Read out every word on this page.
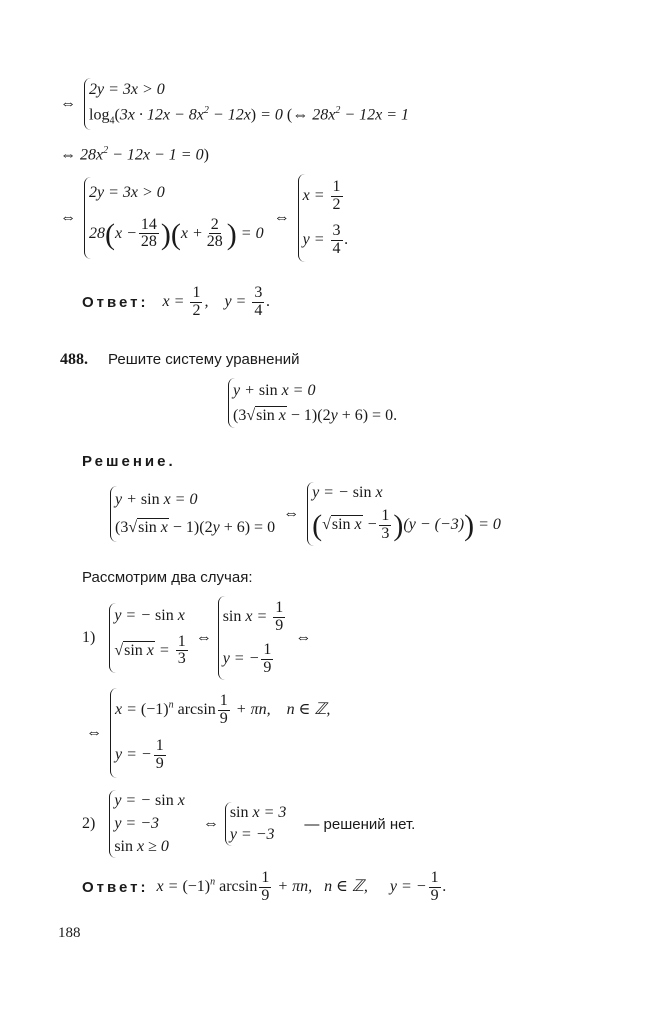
⇔
2y = 3x > 0
$\log_4(3x \cdot 12x - 8x^2 - 12x) = 0$ (⇔ $28x^2 - 12x = 1$
⇔ $28x^2 - 12x - 1 = 0$)
⇔
2y = 3x > 0
$28(x - \frac{14}{28} )(x + \frac{2}{28}$ ) = 0
⇔
$x = \frac{1}{2}$
$y = \frac{3}{4}$ .
Ответ: $x = \frac{1}{2}$ , $y = \frac{3}{4}$ .
488. Решите систему уравнений
y + sin x = 0
(3√sin x − 1)(2y + 6) = 0.
Решение.
y + sin x = 0
(3√sin x − 1)(2y + 6) = 0
⇔
y = − sin x
(√sin $x - \frac{1}{3} )(y - (-3)) = 0$
Рассмотрим два случая:
1)
y = − sin x
√sin $x = \frac{1}{3}$ ⇔
$\sin x = \frac{1}{9}$
y = − $\frac{1}{9}$
⇔
⇔
$x = (-1)^n$ $\arcsin \frac{1}{9} + \pi n$, n ∈ ℤ,
y = − $\frac{1}{9}$
2)
y = − sin x
y = −3
sin x ≥ 0
⇔
sin x = 3
y = −3
— решений нет.
Ответ: $x = (-1)^n$ $\arcsin \frac{1}{9} + \pi n$, n ∈ ℤ, y = − $\frac{1}{9}$ .
188
